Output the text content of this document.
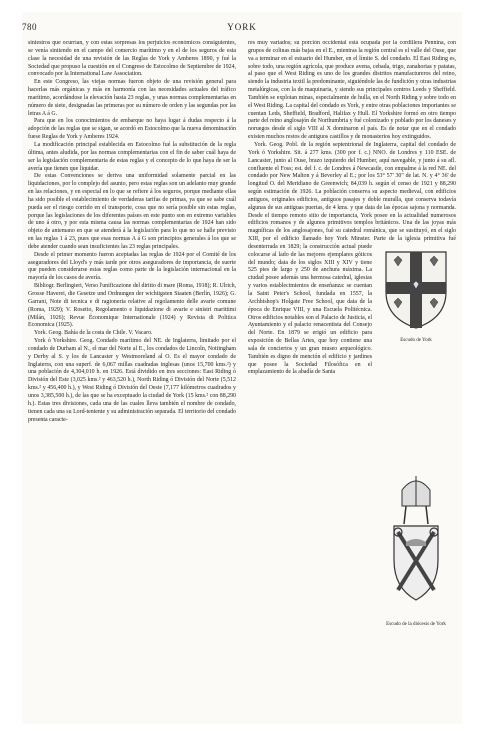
780	YORK

siniestros que ocurrían, y con estas sorpresas los perjuicios económicos consiguientes, se venía sintiendo en el campo del comercio marítimo y en el de los seguros de esta clase la necesidad de una revisión de las Reglas de York y Amberes 1890, y fué la Sociedad que propuso la cuestión en el Congreso de Estocolmo de Septiembre de 1924, convocado por la International Law Association.

En este Congreso, las viejas normas fueron objeto de una revisión general para hacerlas más orgánicas y más en harmonía con las necesidades actuales del tráfico marítimo, acordándose la elevación hasta 23 reglas, y unas normas complementarias en número de siete, designadas las primeras por su número de orden y las segundas por las letras A á G.

Para que en los conocimientos de embarque no haya lugar á dudas respecto á la adopción de las reglas que se sigan, se acordó en Estocolmo que la nueva denominación fuese Reglas de York y Amberes 1924.

La modificación principal establecida en Estocolmo fué la substitución de la regla última, antes aludida, por las normas complementarias con el fin de saber cuál haya de ser la legislación complementaria de estas reglas y el concepto de lo que haya de ser la avería que tienen que liquidar.

De estas Convenciones se deriva una uniformidad solamente parcial en las liquidaciones, por lo complejo del asunto, pero estas reglas son un adelanto muy grande en las relaciones, y en especial en lo que se refiere á los seguros, porque mediante ellas ha sido posible el establecimiento de verdaderas tarifas de primas, ya que se sabe cuál pueda ser el riesgo corrido en el transporte, cosa que no sería posible sin estas reglas, porque las legislaciones de los diferentes países en este punto son en extremo variables de uno á otro, y por esta misma causa las normas complementarias de 1924 han sido objeto de antemano en que se atenderá á la legislación para lo que no se halle previsto en las reglas 1 á 23, pues que esas normas A á G son principios generales á los que se debe atender cuando sean insuficientes las 23 reglas principales.

Desde el primer momento fueron aceptadas las reglas de 1924 por el Comité de los aseguradores del Lloyd's y más tarde por otros aseguradores de importancia, de suerte que pueden considerarse estas reglas como parte de la legislación internacional en la mayoría de los casos de avería.

Bibliogr. Berlingieri, Verso l'unificazione del diritto di mare (Roma, 1918); R. Ulrich, Grosse Haverei, die Gesetze und Ordnungen der wichtigsten Staaten (Berlín, 1926); G. Garrani, Note di tecnica e di ragioneria relative al regolamento delle avarie comune (Roma, 1929); V. Rosetto, Regolamento e liquidazione di avarie e sinistri marittimi (Milán, 1926); Revue Économique Internationale (1924) y Revista di Politica Economica (1925).

York. Geog. Bahía de la costa de Chile. V. Vacaro.

York ó Yorkshire. Geog. Condado marítimo del NE. de Inglaterra, limitado por el condado de Durham al N., el mar del Norte al E., los condados de Lincoln, Nottingham y Derby al S. y los de Lancaster y Westmoreland al O. Es el mayor condado de Inglaterra, con una superf. de 6,067 millas cuadradas inglesas (unos 15,700 kms.²) y una población de 4,304,010 h. en 1926. Está dividido en tres secciones: East Riding ó División del Este (3,025 kms.² y 463,520 h.), North Riding ó División del Norte (5,512 kms.² y 456,400 h.), y West Riding ó División del Oeste (7,177 kilómetros cuadrados y unos 3,385,500 h.), de las que se ha exceptuado la ciudad de York (15 kms.² con 88,290 h.). Estas tres divisiones, cada una de las cuales lleva también el nombre de condado, tienen cada una su Lord-teniente y su administración separada. El territorio del condado presenta caracte-

Escudo de York
Escudo de la diócesis de York

res muy variados; su porción occidental está ocupada por la cordillera Pennina, con grupos de colinas más bajas en el E., mientras la región central es el valle del Ouse, que va a terminar en el estuario del Humber, en el límite S. del condado. El East Riding es, sobre todo, una región agrícola, que produce avena, cebada, trigo, zanahorias y patatas, al paso que el West Riding es uno de los grandes distritos manufactureros del reino, siendo la industria textil la predominante, siguiéndole las de fundición y otras industrias metalúrgicas, con la de maquinaria, y siendo sus principales centros Leeds y Sheffield. También se explotan minas, especialmente de hulla, en el North Riding y sobre todo en el West Riding. La capital del condado es York, y entre otras poblaciones importantes se cuentan Leds, Sheffield, Bradford, Halifax y Hull. El Yorkshire formó en otro tiempo parte del reino anglosajón de Northumbria y fué colonizado y poblado por los daneses y noruegos desde el siglo VIII al X dominaron el país. Es de notar que en el condado existen muchos restos de antiguos castillos y de monasterios hoy extinguidos.

York. Geog. Pobl. de la región septentrional de Inglaterra, capital del condado de York ó Yorkshire. Sit. á 277 kms. (300 por f. c.) NNO. de Londres y 110 ESE. de Lancaster, junto al Ouse, brazo izquierdo del Humber, aquí navegable, y junto á su afl. confluente el Foss; est. del f. c. de Londres á Newcastle, con empalme á la red NE. del condado por New Malton y á Beverley al E.; por los 53° 57' 30" de lat. N. y 4° 36' de longitud O. del Meridiano de Greenwich; 84,039 h. según el censo de 1921 y 88,290 según estimación de 1926. La población conserva su aspecto medieval, con edificios antiguos, originales edificios, antiguos pasajes y doble muralla, que conserva todavía algunas de sus antiguas puertas, de 4 kms. y que data de las épocas sajona y normanda. Desde el tiempo remoto sitio de importancia, York posee en la actualidad numerosos edificios romanos y de algunos primitivos templos británicos. Una de las joyas más magníficas de los anglosajones, fué su catedral románica, que se sustituyó, en el siglo XIII, por el edificio llamado hoy York Minster. Parte de la iglesia primitiva fué desenterrada en 1829; la construcción actual puede colocarse al lado de las mejores ejemplares góticos del mundo; data de los siglos XIII y XIV y tiene 525 pies de largo y 250 de anchura máxima. La ciudad posee además una hermosa catedral, iglesias y varios establecimientos de enseñanza: se cuentan la Saint Peter's School, fundada en 1557, la Archbishop's Holgate Free School, que data de la época de Enrique VIII, y una Escuela Politécnica. Otros edificios notables son el Palacio de Justicia, el Ayuntamiento y el palacio renacentista del Consejo del Norte. En 1879 se erigió un edificio para exposición de Bellas Artes, que hoy contiene una sala de conciertos y un gran museo arqueológico. También es digno de mención el edificio y jardines que posee la Sociedad Filosófica en el emplazamiento de la abadía de Santa
